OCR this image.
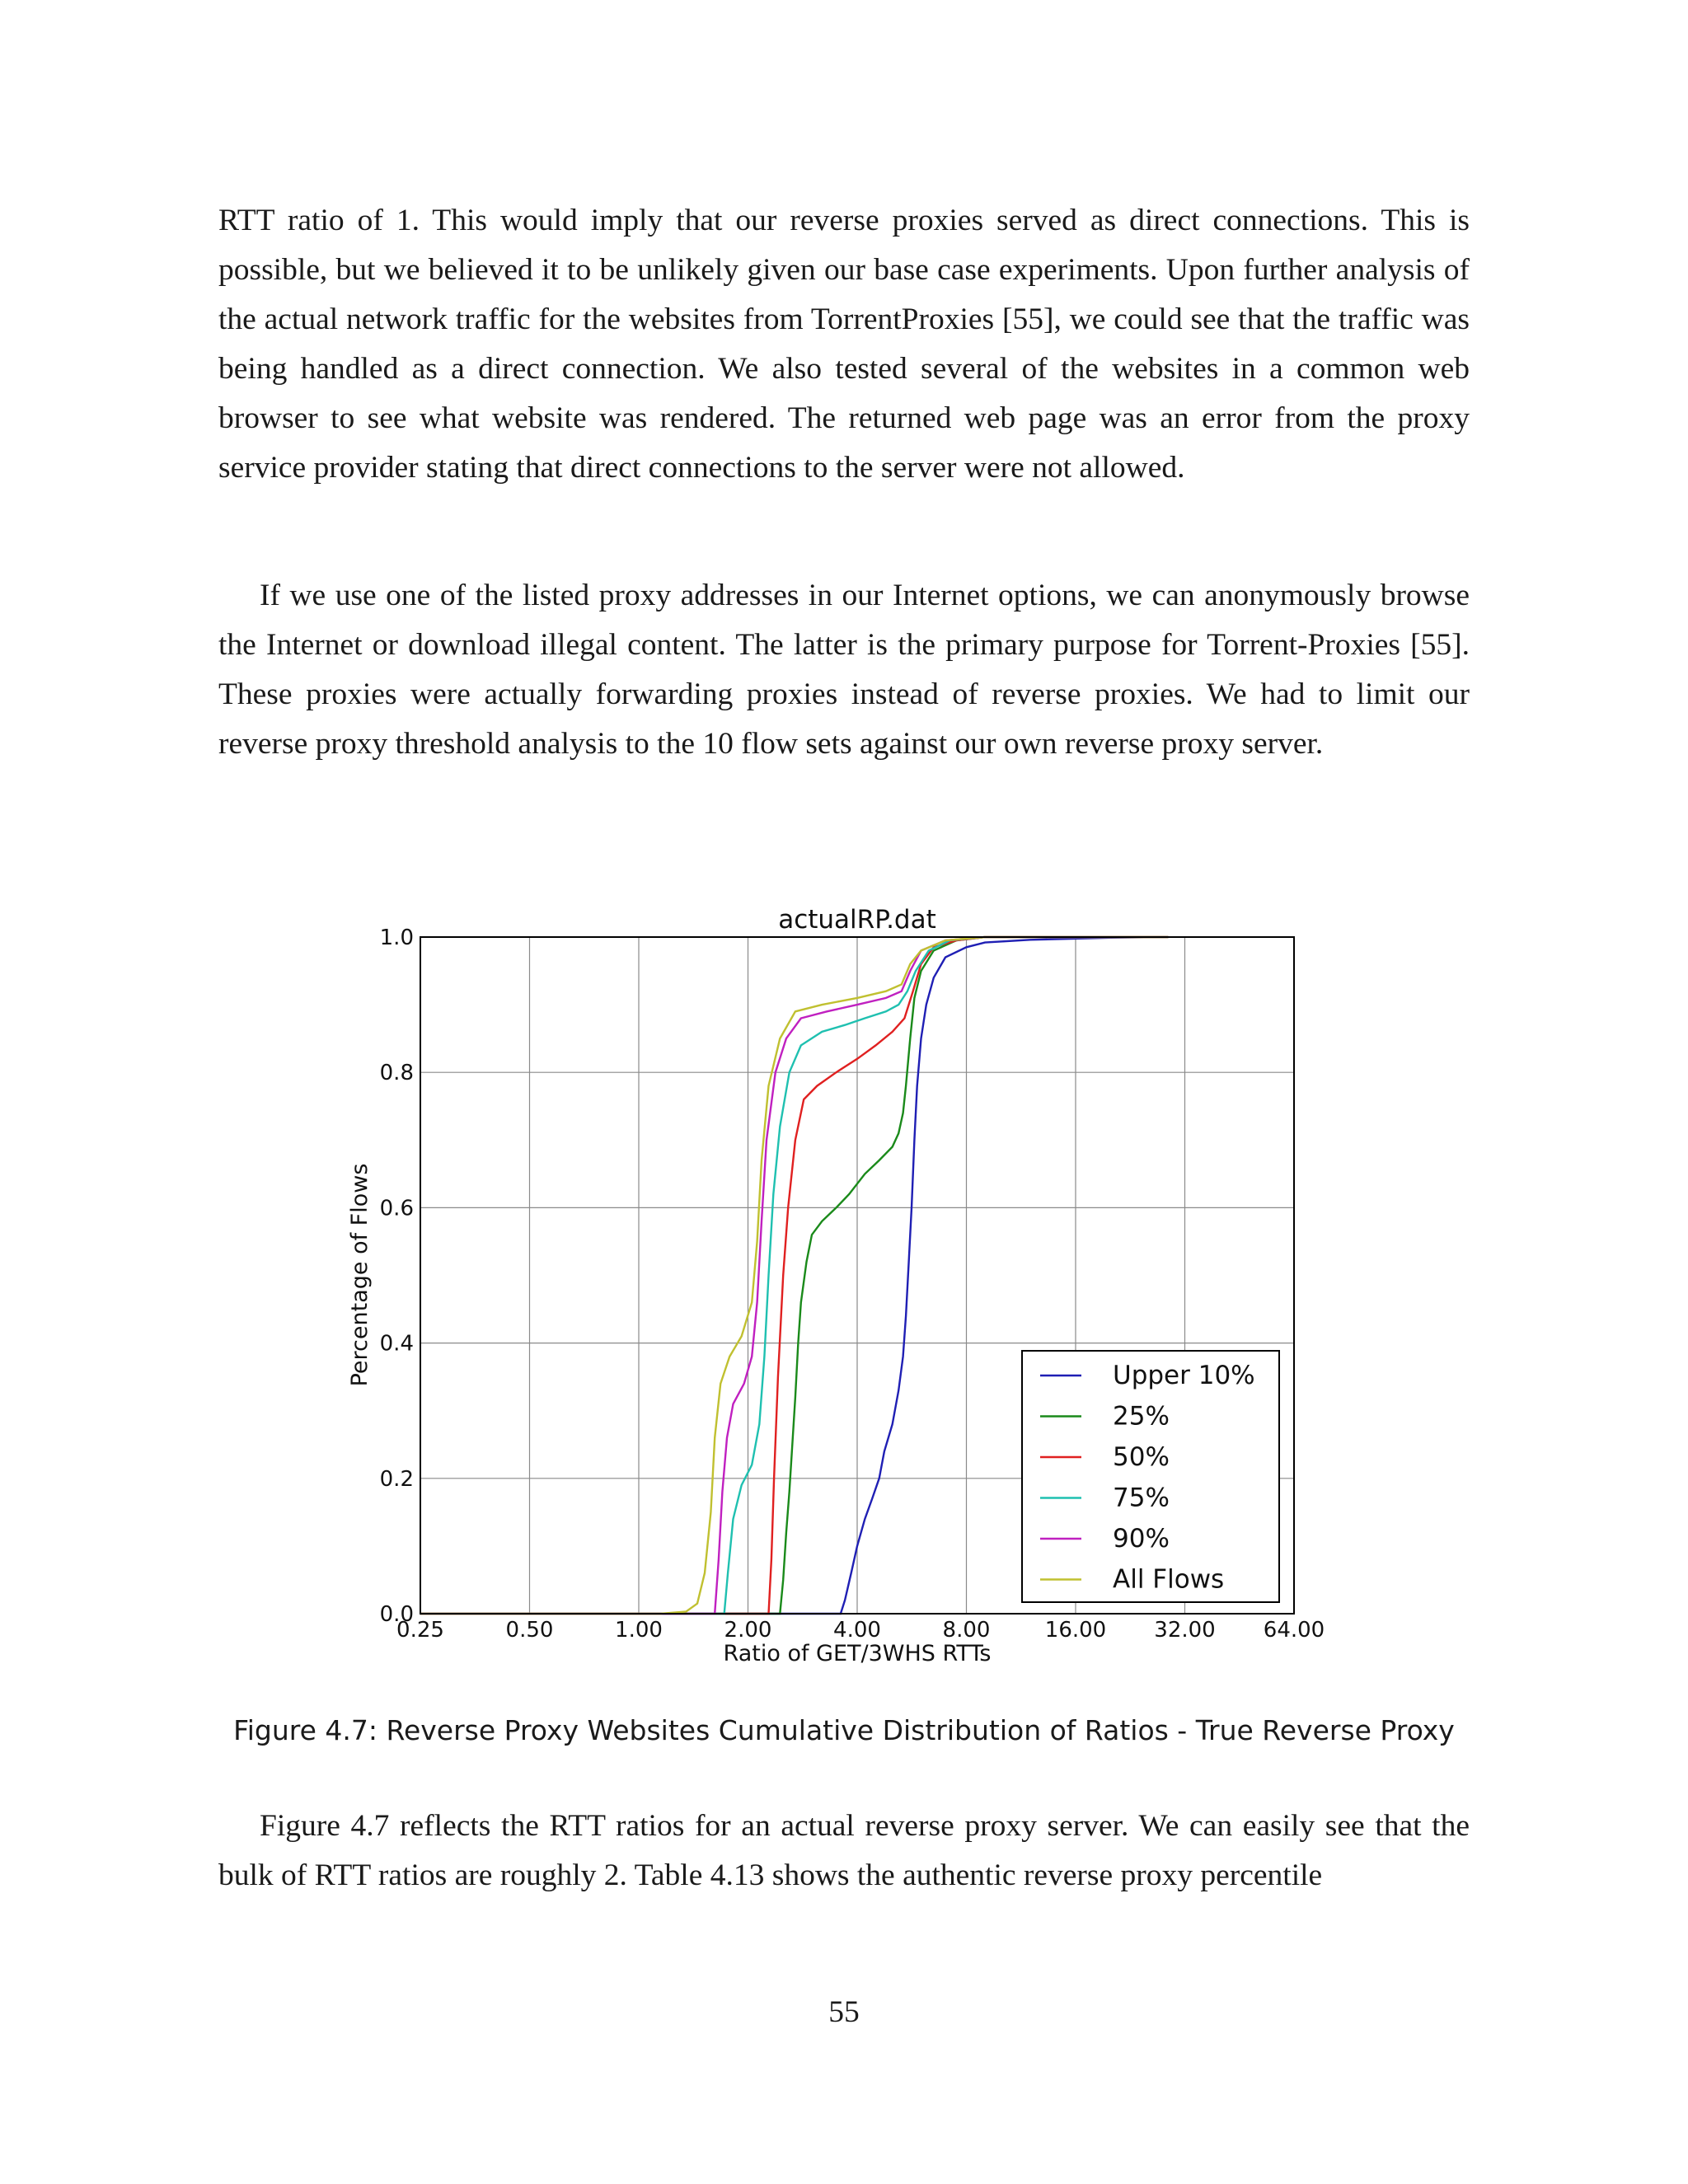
RTT ratio of 1. This would imply that our reverse proxies served as direct connections. This is possible, but we believed it to be unlikely given our base case experiments. Upon further analysis of the actual network traffic for the websites from TorrentProxies [55], we could see that the traffic was being handled as a direct connection. We also tested several of the websites in a common web browser to see what website was rendered. The returned web page was an error from the proxy service provider stating that direct connections to the server were not allowed.

If we use one of the listed proxy addresses in our Internet options, we can anonymously browse the Internet or download illegal content. The latter is the primary purpose for Torrent-Proxies [55]. These proxies were actually forwarding proxies instead of reverse proxies. We had to limit our reverse proxy threshold analysis to the 10 flow sets against our own reverse proxy server.

actualRP.dat
0.25	0.50	1.00	2.00	4.00	8.00	16.00 32.00 64.00
0.0
0.2
0.4
0.6
0.8
1.0
Ratio of GET/3WHS RTTs
Percentage of Flows	Upper 10%
25%
50%
75%
90%
All Flows

Figure 4.7: Reverse Proxy Websites Cumulative Distribution of Ratios - True Reverse Proxy

Figure 4.7 reflects the RTT ratios for an actual reverse proxy server. We can easily see that the bulk of RTT ratios are roughly 2. Table 4.13 shows the authentic reverse proxy percentile

55
